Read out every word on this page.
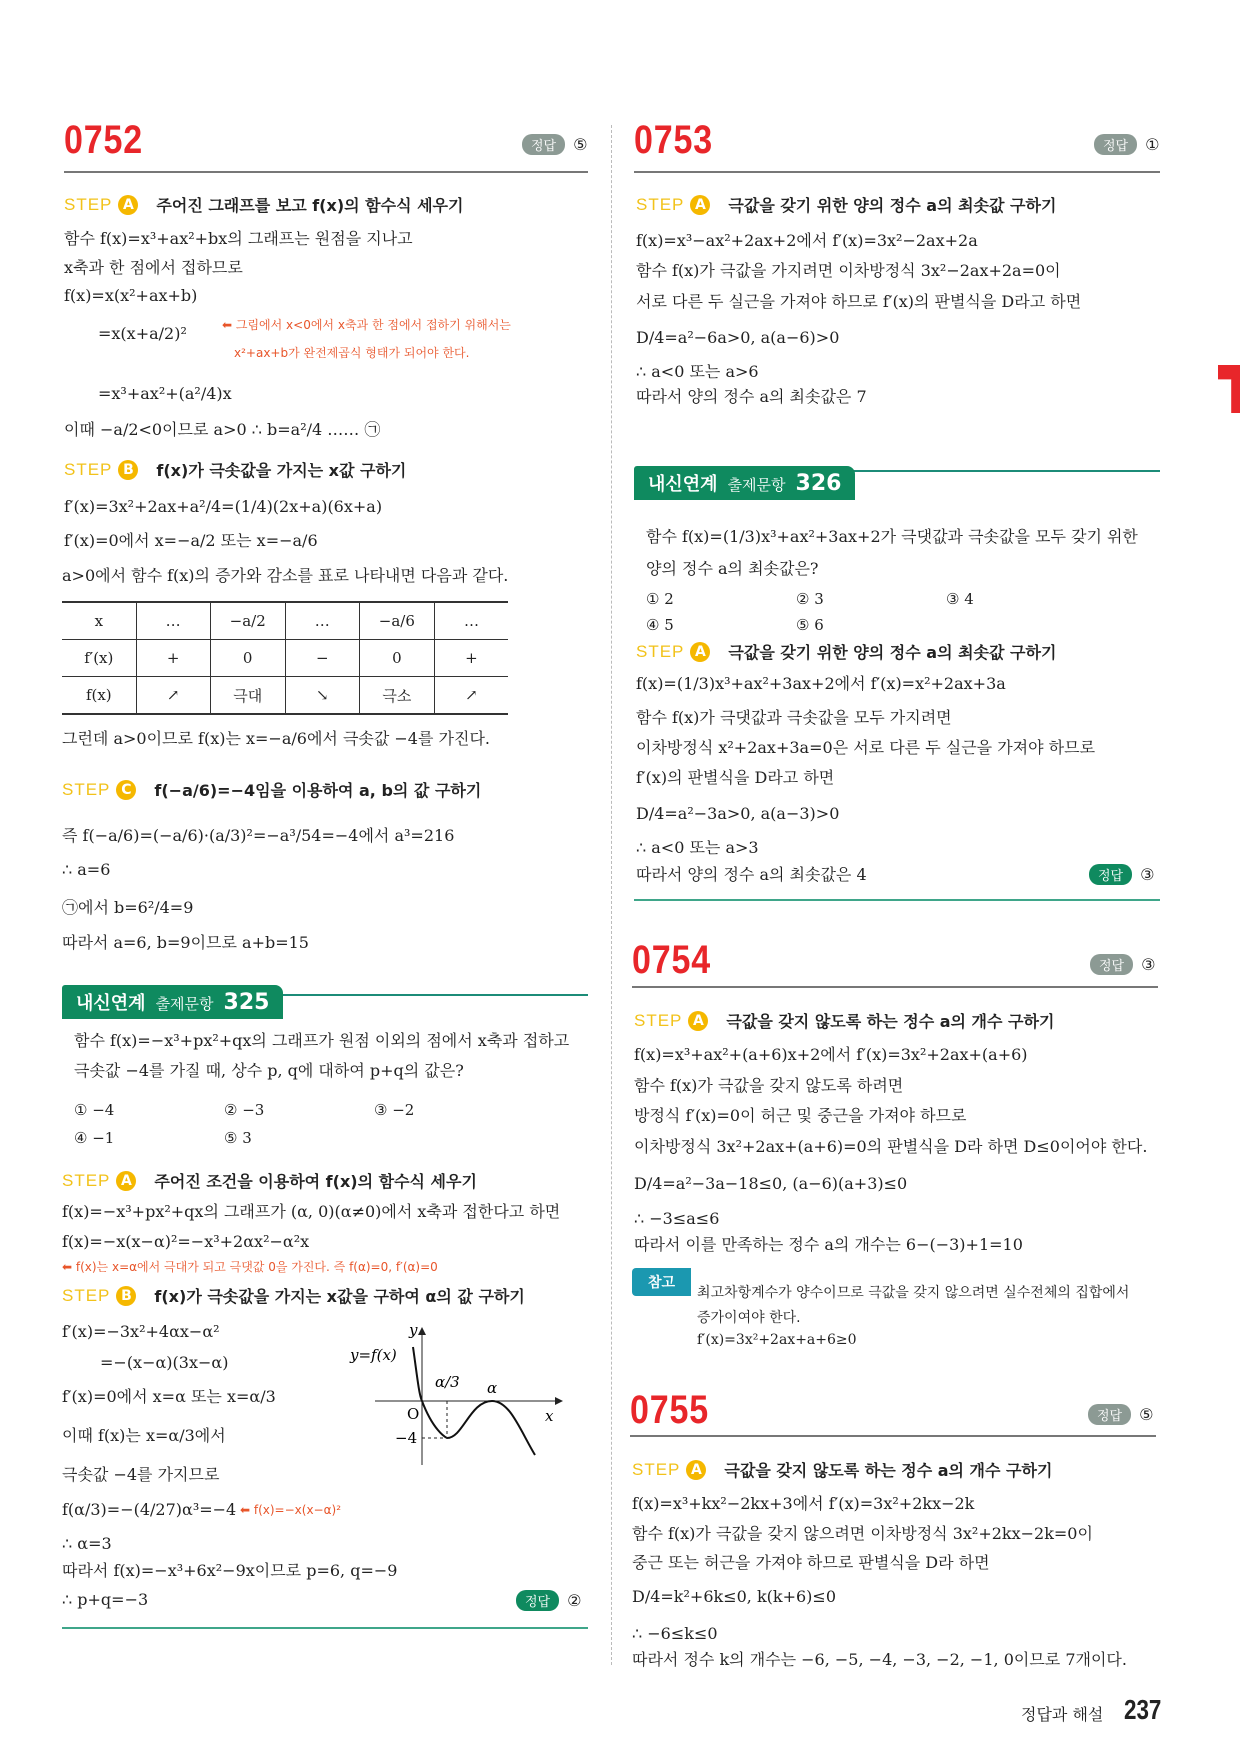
0752	정답	⑤
STEP A 주어진 그래프를 보고 f(x)의 함수식 세우기
함수 f(x)=x³+ax²+bx의 그래프는 원점을 지나고
x축과 한 점에서 접하므로
f(x)=x(x²+ax+b)
=x(x+a/2)²	⬅ 그림에서 x<0에서 x축과 한 점에서 접하기 위해서는
x²+ax+b가 완전제곱식 형태가 되어야 한다.
=x³+ax²+(a²/4)x
이때 −a/2<0이므로 a>0 ∴ b=a²/4 …… ㉠
STEP B f(x)가 극솟값을 가지는 x값 구하기
f′(x)=3x²+2ax+a²/4=(1/4)(2x+a)(6x+a)
f′(x)=0에서 x=−a/2 또는 x=−a/6
a>0에서 함수 f(x)의 증가와 감소를 표로 나타내면 다음과 같다.
x	…	−a/2	…	−a/6	…
f′(x)	+	0	−	0	+
f(x)	↗	극대	↘	극소	↗
그런데 a>0이므로 f(x)는 x=−a/6에서 극솟값 −4를 가진다.
STEP C	f(−a/6)=−4임을 이용하여 a, b의 값 구하기
즉 f(−a/6)=(−a/6)·(a/3)²=−a³/54=−4에서 a³=216
∴ a=6
㉠에서 b=6²/4=9
따라서 a=6, b=9이므로 a+b=15
내신연계 출제문항 325
함수 f(x)=−x³+px²+qx의 그래프가 원점 이외의 점에서 x축과 접하고
극솟값 −4를 가질 때, 상수 p, q에 대하여 p+q의 값은?
① −4	② −3	③ −2
④ −1	⑤ 3
STEP A 주어진 조건을 이용하여 f(x)의 함수식 세우기
f(x)=−x³+px²+qx의 그래프가 (α, 0)(α≠0)에서 x축과 접한다고 하면
f(x)=−x(x−α)²=−x³+2αx²−α²x
⬅ f(x)는 x=α에서 극대가 되고 극댓값 0을 가진다. 즉 f(α)=0, f′(α)=0
STEP B f(x)가 극솟값을 가지는 x값을 구하여 α의 값 구하기
f′(x)=−3x²+4αx−α²
=−(x−α)(3x−α)
f′(x)=0에서 x=α 또는 x=α/3
이때 f(x)는 x=α/3에서
극솟값 −4를 가지므로
f(α/3)=−(4/27)α³=−4 ⬅ f(x)=−x(x−α)²
∴ α=3
따라서 f(x)=−x³+6x²−9x이므로 p=6, q=−9
∴ p+q=−3	정답	②
y
y=f(x)
x
O
α/3 α
−4
0753	정답	①
STEP A 극값을 갖기 위한 양의 정수 a의 최솟값 구하기
f(x)=x³−ax²+2ax+2에서 f′(x)=3x²−2ax+2a
함수 f(x)가 극값을 가지려면 이차방정식 3x²−2ax+2a=0이
서로 다른 두 실근을 가져야 하므로 f′(x)의 판별식을 D라고 하면
D/4=a²−6a>0, a(a−6)>0
∴ a<0 또는 a>6
따라서 양의 정수 a의 최솟값은 7
내신연계 출제문항 326
함수 f(x)=(1/3)x³+ax²+3ax+2가 극댓값과 극솟값을 모두 갖기 위한
양의 정수 a의 최솟값은?
① 2	② 3	③ 4
④ 5	⑤ 6
STEP A 극값을 갖기 위한 양의 정수 a의 최솟값 구하기
f(x)=(1/3)x³+ax²+3ax+2에서 f′(x)=x²+2ax+3a
함수 f(x)가 극댓값과 극솟값을 모두 가지려면
이차방정식 x²+2ax+3a=0은 서로 다른 두 실근을 가져야 하므로
f′(x)의 판별식을 D라고 하면
D/4=a²−3a>0, a(a−3)>0
∴ a<0 또는 a>3
따라서 양의 정수 a의 최솟값은 4	정답	③
0754	정답	③
STEP A 극값을 갖지 않도록 하는 정수 a의 개수 구하기
f(x)=x³+ax²+(a+6)x+2에서 f′(x)=3x²+2ax+(a+6)
함수 f(x)가 극값을 갖지 않도록 하려면
방정식 f′(x)=0이 허근 및 중근을 가져야 하므로
이차방정식 3x²+2ax+(a+6)=0의 판별식을 D라 하면 D≤0이어야 한다.
D/4=a²−3a−18≤0, (a−6)(a+3)≤0
∴ −3≤a≤6
따라서 이를 만족하는 정수 a의 개수는 6−(−3)+1=10
참고
최고차항계수가 양수이므로 극값을 갖지 않으려면 실수전체의 집합에서
증가이여야 한다.
f′(x)=3x²+2ax+a+6≥0
0755	정답	⑤
STEP A 극값을 갖지 않도록 하는 정수 a의 개수 구하기
f(x)=x³+kx²−2kx+3에서 f′(x)=3x²+2kx−2k
함수 f(x)가 극값을 갖지 않으려면 이차방정식 3x²+2kx−2k=0이
중근 또는 허근을 가져야 하므로 판별식을 D라 하면
D/4=k²+6k≤0, k(k+6)≤0
∴ −6≤k≤0
따라서 정수 k의 개수는 −6, −5, −4, −3, −2, −1, 0이므로 7개이다.
정답과 해설 237
